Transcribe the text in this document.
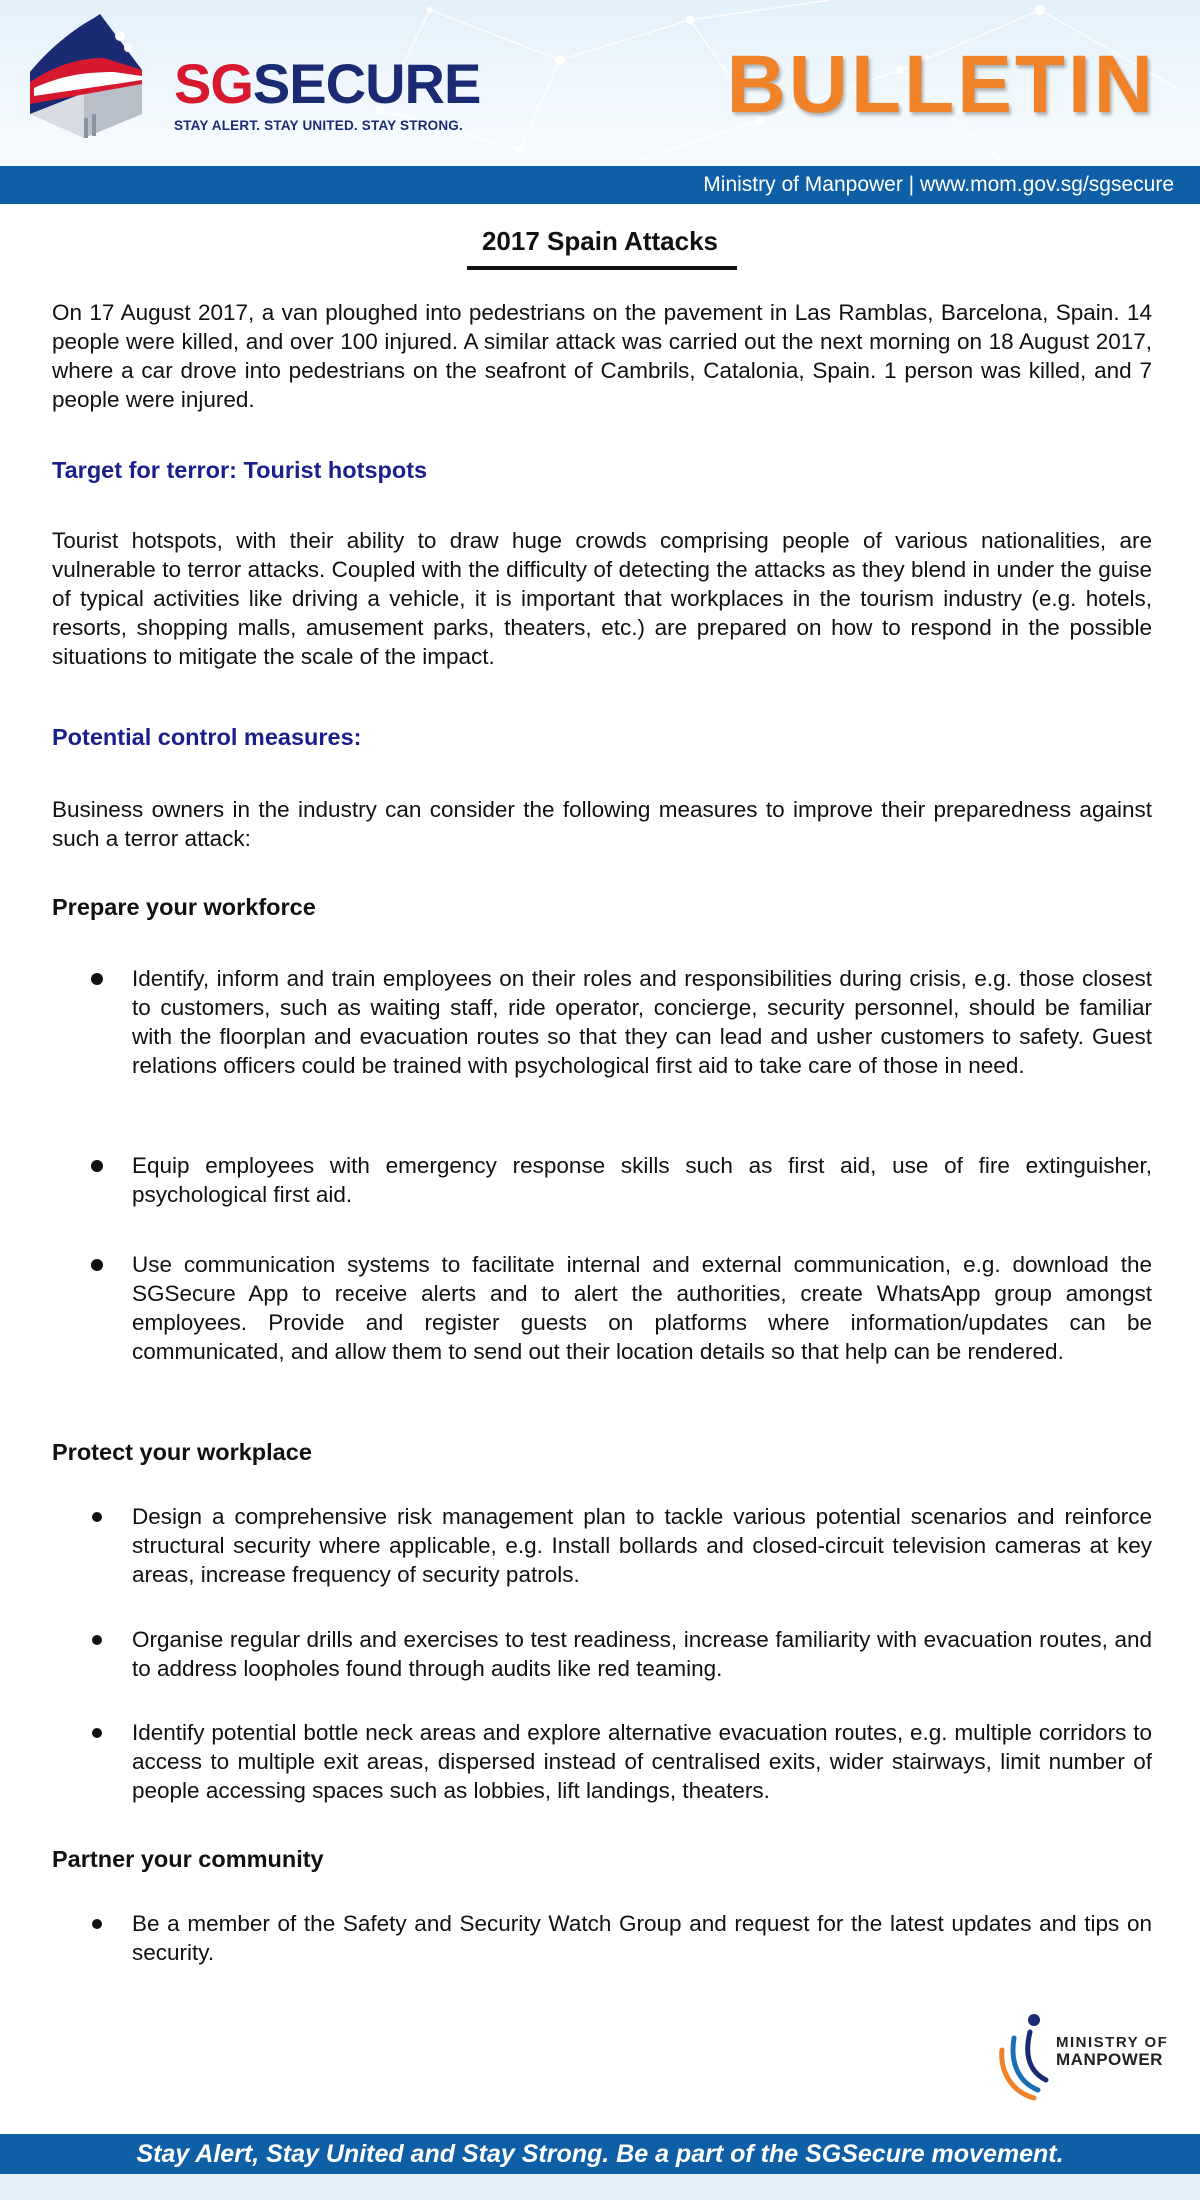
SGSECURE
STAY ALERT. STAY UNITED. STAY STRONG.	BULLETIN
Ministry of Manpower | www.mom.gov.sg/sgsecure
2017 Spain Attacks

On 17 August 2017, a van ploughed into pedestrians on the pavement in Las Ramblas, Barcelona, Spain. 14 people were killed, and over 100 injured. A similar attack was carried out the next morning on 18 August 2017, where a car drove into pedestrians on the seafront of Cambrils, Catalonia, Spain. 1 person was killed, and 7 people were injured.

Target for terror: Tourist hotspots

Tourist hotspots, with their ability to draw huge crowds comprising people of various nationalities, are vulnerable to terror attacks. Coupled with the difficulty of detecting the attacks as they blend in under the guise of typical activities like driving a vehicle, it is important that workplaces in the tourism industry (e.g. hotels, resorts, shopping malls, amusement parks, theaters, etc.) are prepared on how to respond in the possible situations to mitigate the scale of the impact.

Potential control measures:

Business owners in the industry can consider the following measures to improve their preparedness against such a terror attack:

Prepare your workforce

Identify, inform and train employees on their roles and responsibilities during crisis, e.g. those closest to customers, such as waiting staff, ride operator, concierge, security personnel, should be familiar with the floorplan and evacuation routes so that they can lead and usher customers to safety. Guest relations officers could be trained with psychological first aid to take care of those in need.

Equip employees with emergency response skills such as first aid, use of fire extinguisher, psychological first aid.

Use communication systems to facilitate internal and external communication, e.g. download the SGSecure App to receive alerts and to alert the authorities, create WhatsApp group amongst employees. Provide and register guests on platforms where information/updates can be communicated, and allow them to send out their location details so that help can be rendered.

Protect your workplace

Design a comprehensive risk management plan to tackle various potential scenarios and reinforce structural security where applicable, e.g. Install bollards and closed-circuit television cameras at key areas, increase frequency of security patrols.

Organise regular drills and exercises to test readiness, increase familiarity with evacuation routes, and to address loopholes found through audits like red teaming.

Identify potential bottle neck areas and explore alternative evacuation routes, e.g. multiple corridors to access to multiple exit areas, dispersed instead of centralised exits, wider stairways, limit number of people accessing spaces such as lobbies, lift landings, theaters.

Partner your community

Be a member of the Safety and Security Watch Group and request for the latest updates and tips on security.

MINISTRY OF
MANPOWER
Stay Alert, Stay United and Stay Strong. Be a part of the SGSecure movement.
